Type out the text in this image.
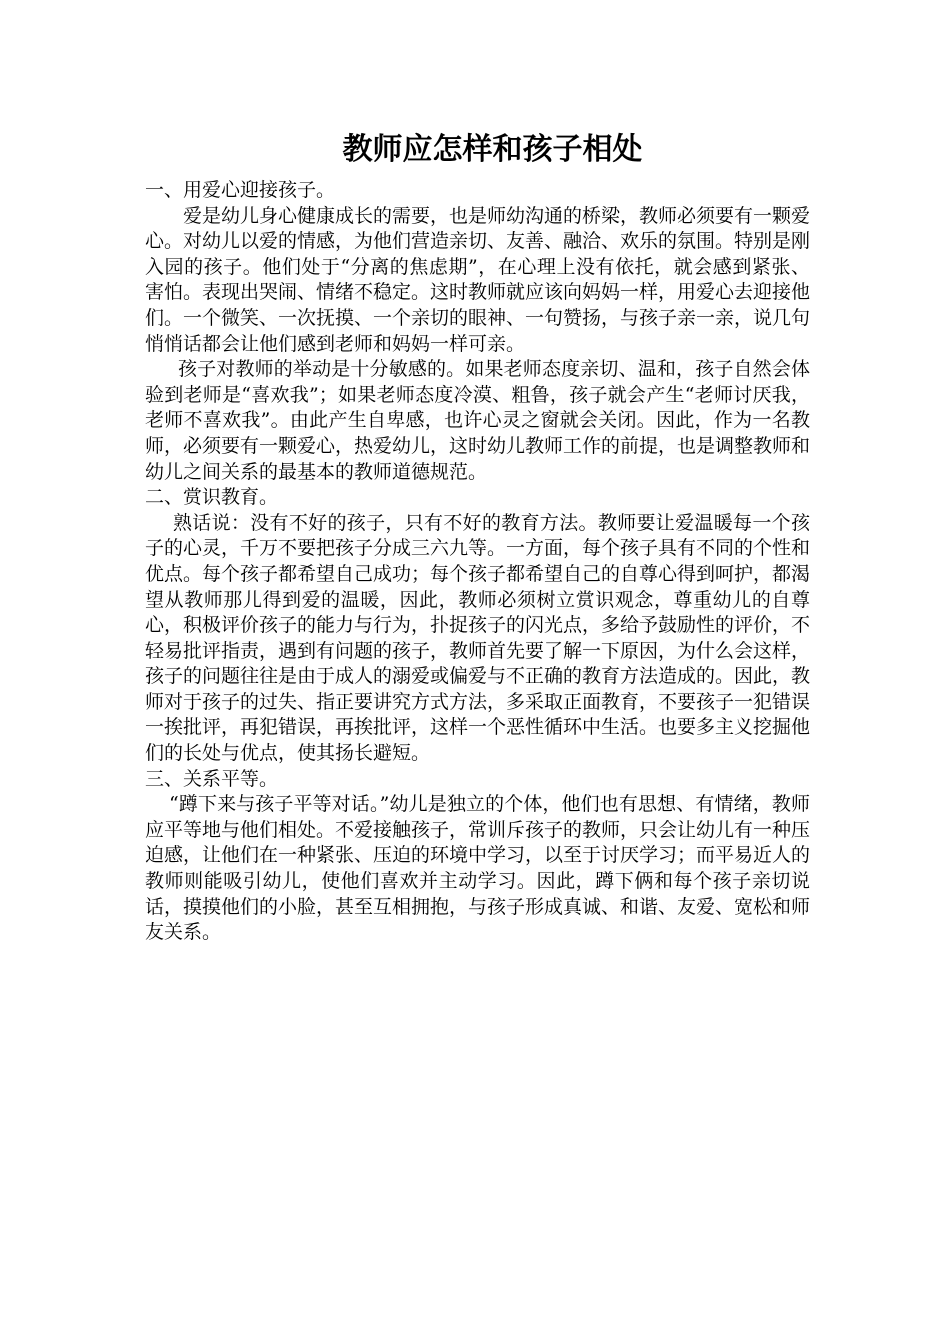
教师应怎样和孩子相处

一、用爱心迎接孩子。

爱是幼儿身心健康成长的需要，也是师幼沟通的桥梁，教师必须要有一颗爱心。对幼儿以爱的情感，为他们营造亲切、友善、融洽、欢乐的氛围。特别是刚入园的孩子。他们处于“分离的焦虑期”，在心理上没有依托，就会感到紧张、害怕。表现出哭闹、情绪不稳定。这时教师就应该向妈妈一样，用爱心去迎接他们。一个微笑、一次抚摸、一个亲切的眼神、一句赞扬，与孩子亲一亲，说几句悄悄话都会让他们感到老师和妈妈一样可亲。

孩子对教师的举动是十分敏感的。如果老师态度亲切、温和，孩子自然会体验到老师是“喜欢我”；如果老师态度冷漠、粗鲁，孩子就会产生“老师讨厌我，老师不喜欢我”。由此产生自卑感，也许心灵之窗就会关闭。因此，作为一名教师，必须要有一颗爱心，热爱幼儿，这时幼儿教师工作的前提，也是调整教师和幼儿之间关系的最基本的教师道德规范。

二、赏识教育。

熟话说：没有不好的孩子，只有不好的教育方法。教师要让爱温暖每一个孩子的心灵，千万不要把孩子分成三六九等。一方面，每个孩子具有不同的个性和优点。每个孩子都希望自己成功；每个孩子都希望自己的自尊心得到呵护，都渴望从教师那儿得到爱的温暖，因此，教师必须树立赏识观念，尊重幼儿的自尊心，积极评价孩子的能力与行为，扑捉孩子的闪光点，多给予鼓励性的评价，不轻易批评指责，遇到有问题的孩子，教师首先要了解一下原因，为什么会这样，孩子的问题往往是由于成人的溺爱或偏爱与不正确的教育方法造成的。因此，教师对于孩子的过失、指正要讲究方式方法，多采取正面教育，不要孩子一犯错误一挨批评，再犯错误，再挨批评，这样一个恶性循环中生活。也要多主义挖掘他们的长处与优点，使其扬长避短。

三、关系平等。

“蹲下来与孩子平等对话。”幼儿是独立的个体，他们也有思想、有情绪，教师应平等地与他们相处。不爱接触孩子，常训斥孩子的教师，只会让幼儿有一种压迫感，让他们在一种紧张、压迫的环境中学习，以至于讨厌学习；而平易近人的教师则能吸引幼儿，使他们喜欢并主动学习。因此，蹲下俩和每个孩子亲切说话，摸摸他们的小脸，甚至互相拥抱，与孩子形成真诚、和谐、友爱、宽松和师友关系。
